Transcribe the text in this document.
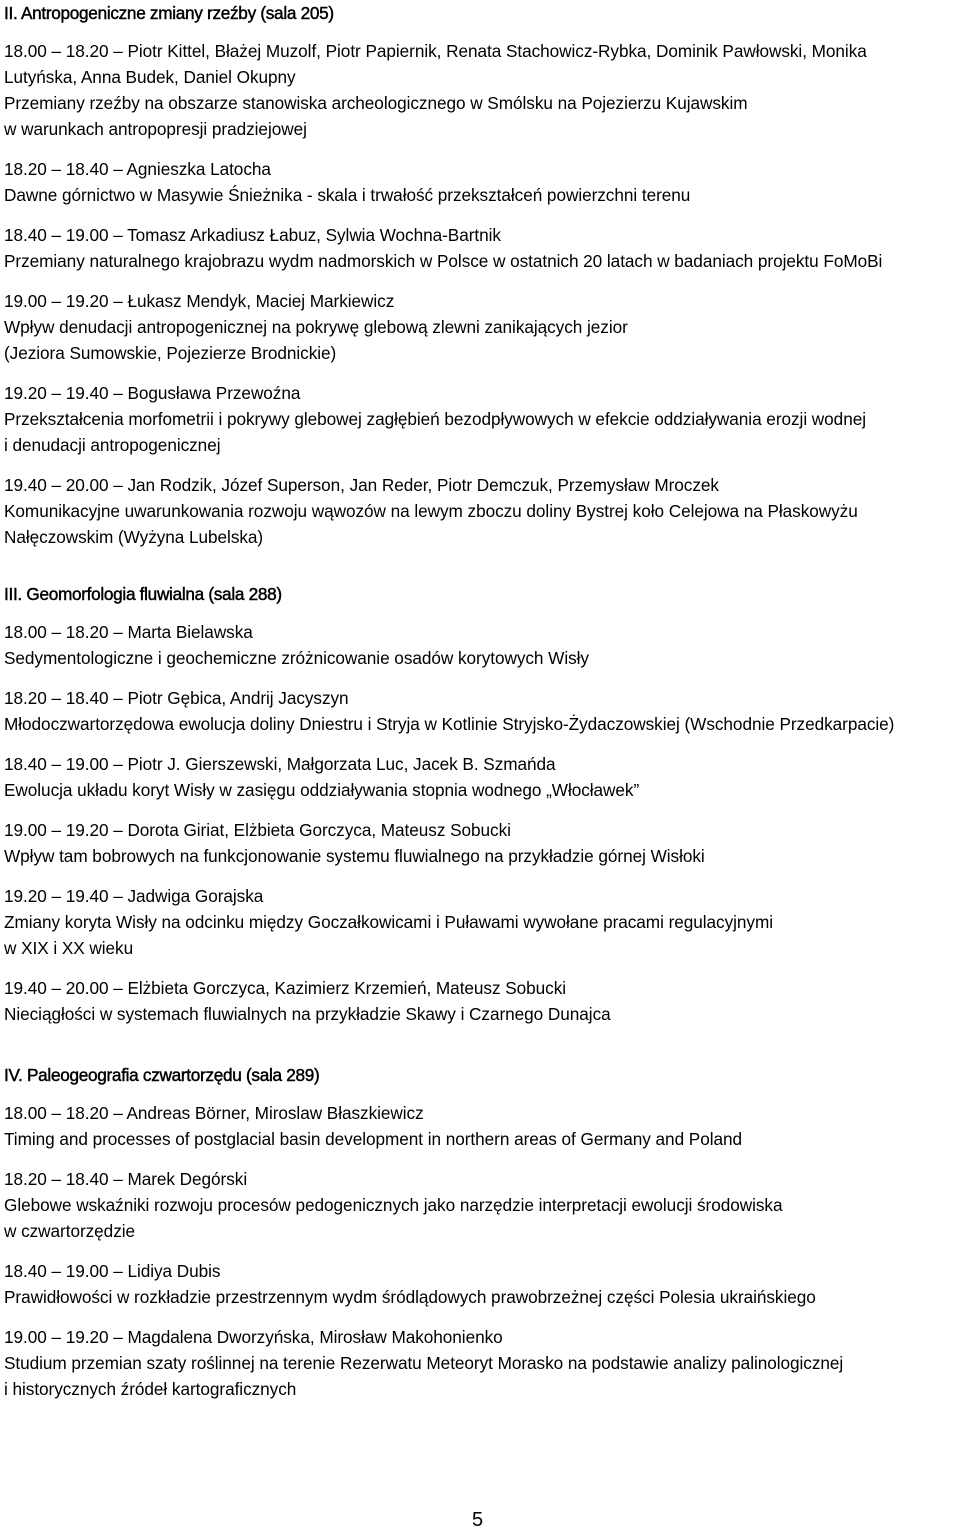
II. Antropogeniczne zmiany rzeźby (sala 205)
18.00 – 18.20 – Piotr Kittel, Błażej Muzolf, Piotr Papiernik, Renata Stachowicz-Rybka, Dominik Pawłowski, Monika
Lutyńska, Anna Budek, Daniel Okupny
Przemiany rzeźby na obszarze stanowiska archeologicznego w Smólsku na Pojezierzu Kujawskim
w warunkach antropopresji pradziejowej
18.20 – 18.40 – Agnieszka Latocha
Dawne górnictwo w Masywie Śnieżnika - skala i trwałość przekształceń powierzchni terenu
18.40 – 19.00 – Tomasz Arkadiusz Łabuz, Sylwia Wochna-Bartnik
Przemiany naturalnego krajobrazu wydm nadmorskich w Polsce w ostatnich 20 latach w badaniach projektu FoMoBi
19.00 – 19.20 – Łukasz Mendyk, Maciej Markiewicz
Wpływ denudacji antropogenicznej na pokrywę glebową zlewni zanikających jezior
(Jeziora Sumowskie, Pojezierze Brodnickie)
19.20 – 19.40 – Bogusława Przewoźna
Przekształcenia morfometrii i pokrywy glebowej zagłębień bezodpływowych w efekcie oddziaływania erozji wodnej
i denudacji antropogenicznej
19.40 – 20.00 – Jan Rodzik, Józef Superson, Jan Reder, Piotr Demczuk, Przemysław Mroczek
Komunikacyjne uwarunkowania rozwoju wąwozów na lewym zboczu doliny Bystrej koło Celejowa na Płaskowyżu
Nałęczowskim (Wyżyna Lubelska)
III. Geomorfologia fluwialna (sala 288)
18.00 – 18.20 – Marta Bielawska
Sedymentologiczne i geochemiczne zróżnicowanie osadów korytowych Wisły
18.20 – 18.40 – Piotr Gębica, Andrij Jacyszyn
Młodoczwartorzędowa ewolucja doliny Dniestru i Stryja w Kotlinie Stryjsko-Żydaczowskiej (Wschodnie Przedkarpacie)
18.40 – 19.00 – Piotr J. Gierszewski, Małgorzata Luc, Jacek B. Szmańda
Ewolucja układu koryt Wisły w zasięgu oddziaływania stopnia wodnego „Włocławek”
19.00 – 19.20 – Dorota Giriat, Elżbieta Gorczyca, Mateusz Sobucki
Wpływ tam bobrowych na funkcjonowanie systemu fluwialnego na przykładzie górnej Wisłoki
19.20 – 19.40 – Jadwiga Gorajska
Zmiany koryta Wisły na odcinku między Goczałkowicami i Puławami wywołane pracami regulacyjnymi
w XIX i XX wieku
19.40 – 20.00 – Elżbieta Gorczyca, Kazimierz Krzemień, Mateusz Sobucki
Nieciągłości w systemach fluwialnych na przykładzie Skawy i Czarnego Dunajca
IV. Paleogeografia czwartorzędu (sala 289)
18.00 – 18.20 – Andreas Börner, Miroslaw Błaszkiewicz
Timing and processes of postglacial basin development in northern areas of Germany and Poland
18.20 – 18.40 – Marek Degórski
Glebowe wskaźniki rozwoju procesów pedogenicznych jako narzędzie interpretacji ewolucji środowiska
w czwartorzędzie
18.40 – 19.00 – Lidiya Dubis
Prawidłowości w rozkładzie przestrzennym wydm śródlądowych prawobrzeżnej części Polesia ukraińskiego
19.00 – 19.20 – Magdalena Dworzyńska, Mirosław Makohonienko
Studium przemian szaty roślinnej na terenie Rezerwatu Meteoryt Morasko na podstawie analizy palinologicznej
i historycznych źródeł kartograficznych
5
